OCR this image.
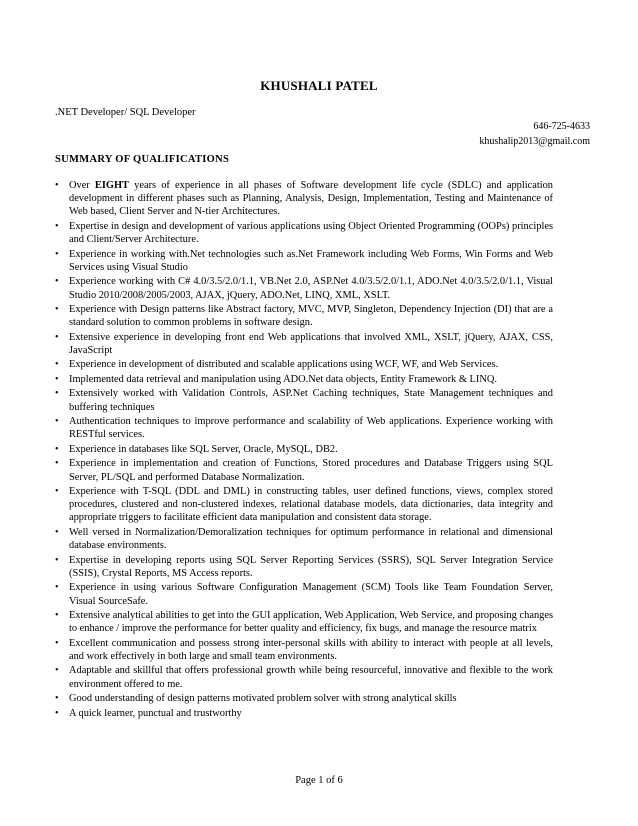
KHUSHALI PATEL
.NET Developer/ SQL Developer
646-725-4633
khushalip2013@gmail.com
SUMMARY OF QUALIFICATIONS
• Over EIGHT years of experience in all phases of Software development life cycle (SDLC) and application development in different phases such as Planning, Analysis, Design, Implementation, Testing and Maintenance of Web based, Client Server and N-tier Architectures.
• Expertise in design and development of various applications using Object Oriented Programming (OOPs) principles and Client/Server Architecture.
• Experience in working with.Net technologies such as.Net Framework including Web Forms, Win Forms and Web Services using Visual Studio
• Experience working with C# 4.0/3.5/2.0/1.1, VB.Net 2.0, ASP.Net 4.0/3.5/2.0/1.1, ADO.Net 4.0/3.5/2.0/1.1, Visual Studio 2010/2008/2005/2003, AJAX, jQuery, ADO.Net, LINQ, XML, XSLT.
• Experience with Design patterns like Abstract factory, MVC, MVP, Singleton, Dependency Injection (DI) that are a standard solution to common problems in software design.
• Extensive experience in developing front end Web applications that involved XML, XSLT, jQuery, AJAX, CSS, JavaScript
• Experience in development of distributed and scalable applications using WCF, WF, and Web Services.
• Implemented data retrieval and manipulation using ADO.Net data objects, Entity Framework & LINQ.
• Extensively worked with Validation Controls, ASP.Net Caching techniques, State Management techniques and buffering techniques
• Authentication techniques to improve performance and scalability of Web applications. Experience working with RESTful services.
• Experience in databases like SQL Server, Oracle, MySQL, DB2.
• Experience in implementation and creation of Functions, Stored procedures and Database Triggers using SQL Server, PL/SQL and performed Database Normalization.
• Experience with T-SQL (DDL and DML) in constructing tables, user defined functions, views, complex stored procedures, clustered and non-clustered indexes, relational database models, data dictionaries, data integrity and appropriate triggers to facilitate efficient data manipulation and consistent data storage.
• Well versed in Normalization/Demoralization techniques for optimum performance in relational and dimensional database environments.
• Expertise in developing reports using SQL Server Reporting Services (SSRS), SQL Server Integration Service (SSIS), Crystal Reports, MS Access reports.
• Experience in using various Software Configuration Management (SCM) Tools like Team Foundation Server, Visual SourceSafe.
• Extensive analytical abilities to get into the GUI application, Web Application, Web Service, and proposing changes to enhance / improve the performance for better quality and efficiency, fix bugs, and manage the resource matrix
• Excellent communication and possess strong inter-personal skills with ability to interact with people at all levels, and work effectively in both large and small team environments.
• Adaptable and skillful that offers professional growth while being resourceful, innovative and flexible to the work environment offered to me.
• Good understanding of design patterns motivated problem solver with strong analytical skills
• A quick learner, punctual and trustworthy
Page 1 of 6
